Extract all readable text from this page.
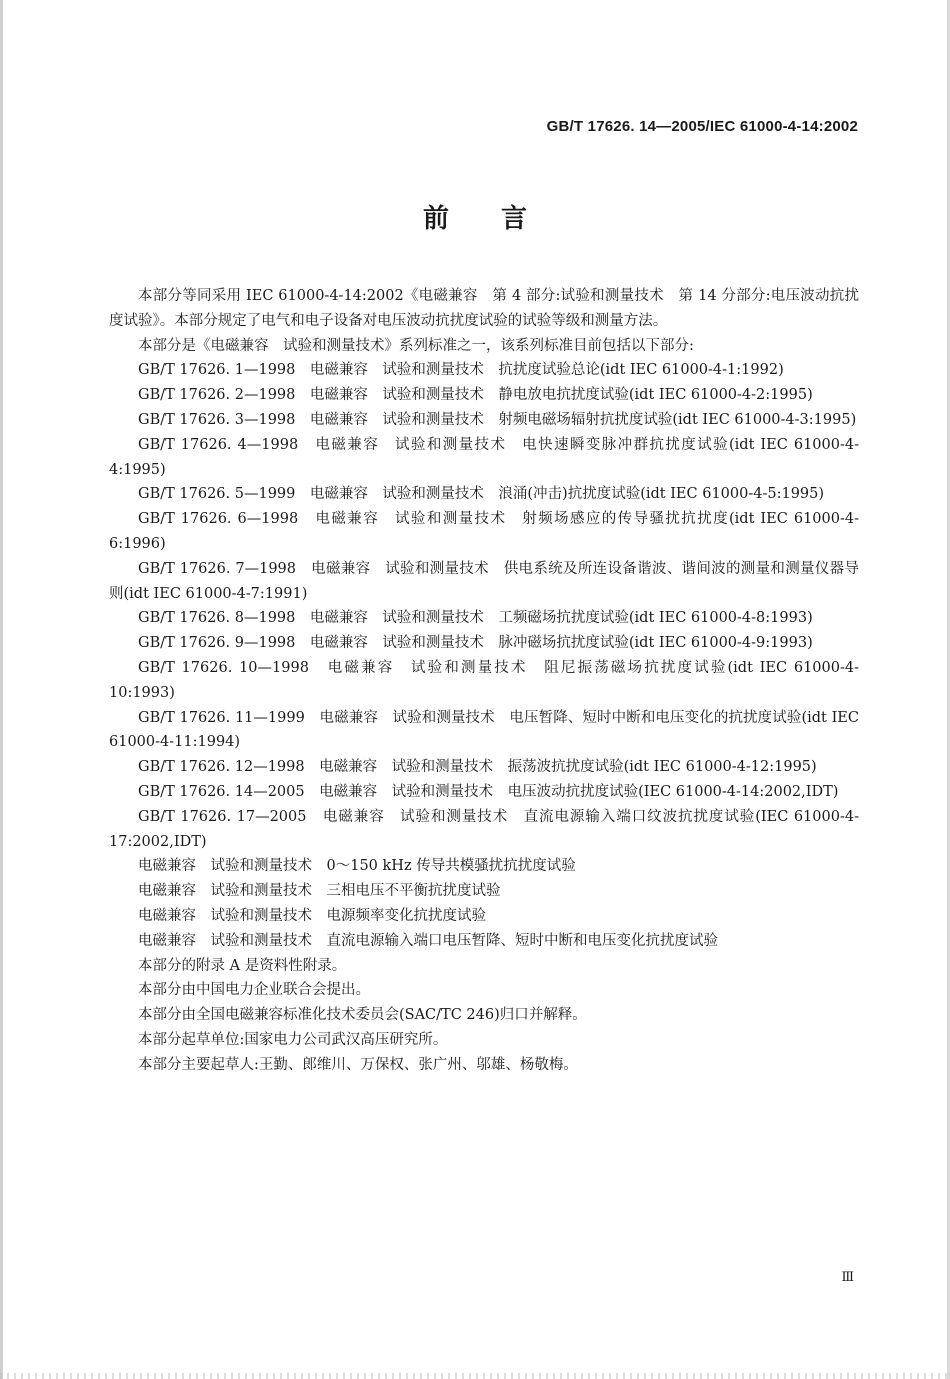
GB/T 17626. 14—2005/IEC 61000-4-14:2002
前言

本部分等同采用 IEC 61000-4-14:2002《电磁兼容　第 4 部分:试验和测量技术　第 14 分部分:电压波动抗扰度试验》。本部分规定了电气和电子设备对电压波动抗扰度试验的试验等级和测量方法。

本部分是《电磁兼容　试验和测量技术》系列标准之一，该系列标准目前包括以下部分:

GB/T 17626. 1—1998　电磁兼容　试验和测量技术　抗扰度试验总论(idt IEC 61000-4-1:1992)

GB/T 17626. 2—1998　电磁兼容　试验和测量技术　静电放电抗扰度试验(idt IEC 61000-4-2:1995)

GB/T 17626. 3—1998　电磁兼容　试验和测量技术　射频电磁场辐射抗扰度试验(idt IEC 61000-4-3:1995)

GB/T 17626. 4—1998　电磁兼容　试验和测量技术　电快速瞬变脉冲群抗扰度试验(idt IEC 61000-4-4:1995)

GB/T 17626. 5—1999　电磁兼容　试验和测量技术　浪涌(冲击)抗扰度试验(idt IEC 61000-4-5:1995)

GB/T 17626. 6—1998　电磁兼容　试验和测量技术　射频场感应的传导骚扰抗扰度(idt IEC 61000-4-6:1996)

GB/T 17626. 7—1998　电磁兼容　试验和测量技术　供电系统及所连设备谐波、谐间波的测量和测量仪器导则(idt IEC 61000-4-7:1991)

GB/T 17626. 8—1998　电磁兼容　试验和测量技术　工频磁场抗扰度试验(idt IEC 61000-4-8:1993)

GB/T 17626. 9—1998　电磁兼容　试验和测量技术　脉冲磁场抗扰度试验(idt IEC 61000-4-9:1993)

GB/T 17626. 10—1998　电磁兼容　试验和测量技术　阻尼振荡磁场抗扰度试验(idt IEC 61000-4-10:1993)

GB/T 17626. 11—1999　电磁兼容　试验和测量技术　电压暂降、短时中断和电压变化的抗扰度试验(idt IEC 61000-4-11:1994)

GB/T 17626. 12—1998　电磁兼容　试验和测量技术　振荡波抗扰度试验(idt IEC 61000-4-12:1995)

GB/T 17626. 14—2005　电磁兼容　试验和测量技术　电压波动抗扰度试验(IEC 61000-4-14:2002,IDT)

GB/T 17626. 17—2005　电磁兼容　试验和测量技术　直流电源输入端口纹波抗扰度试验(IEC 61000-4-17:2002,IDT)

电磁兼容　试验和测量技术　0～150 kHz 传导共模骚扰抗扰度试验

电磁兼容　试验和测量技术　三相电压不平衡抗扰度试验

电磁兼容　试验和测量技术　电源频率变化抗扰度试验

电磁兼容　试验和测量技术　直流电源输入端口电压暂降、短时中断和电压变化抗扰度试验

本部分的附录 A 是资料性附录。

本部分由中国电力企业联合会提出。

本部分由全国电磁兼容标准化技术委员会(SAC/TC 246)归口并解释。

本部分起草单位:国家电力公司武汉高压研究所。

本部分主要起草人:王勤、郎维川、万保权、张广州、邬雄、杨敬梅。

Ⅲ
